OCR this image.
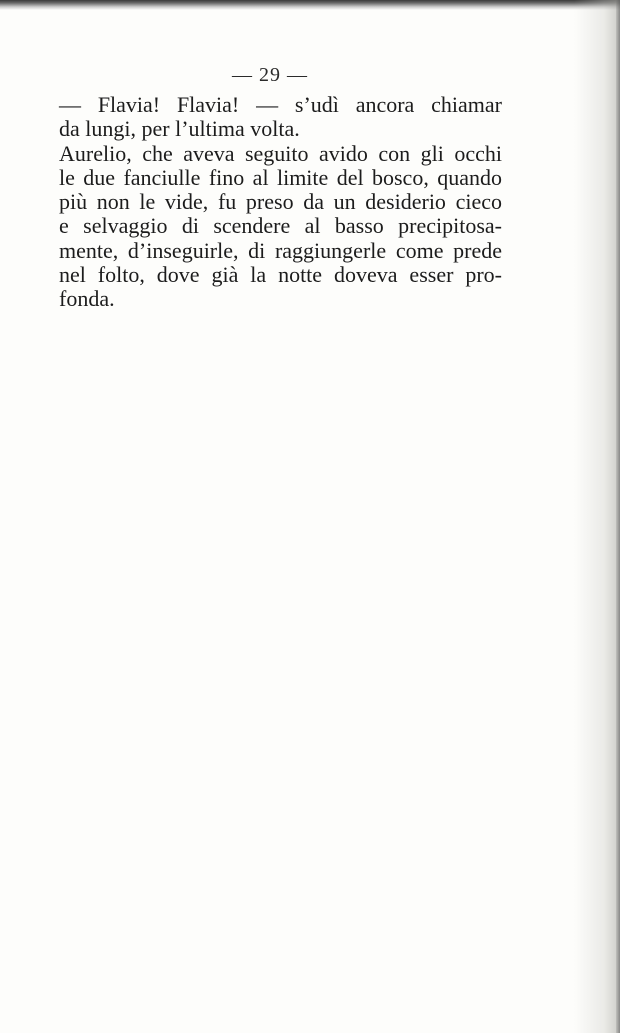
— 29 —
— Flavia! Flavia! — s’udì ancora chiamar
da lungi, per l’ultima volta.
Aurelio, che aveva seguito avido con gli occhi
le due fanciulle fino al limite del bosco, quando
più non le vide, fu preso da un desiderio cieco
e selvaggio di scendere al basso precipitosa-
mente, d’inseguirle, di raggiungerle come prede
nel folto, dove già la notte doveva esser pro-
fonda.
